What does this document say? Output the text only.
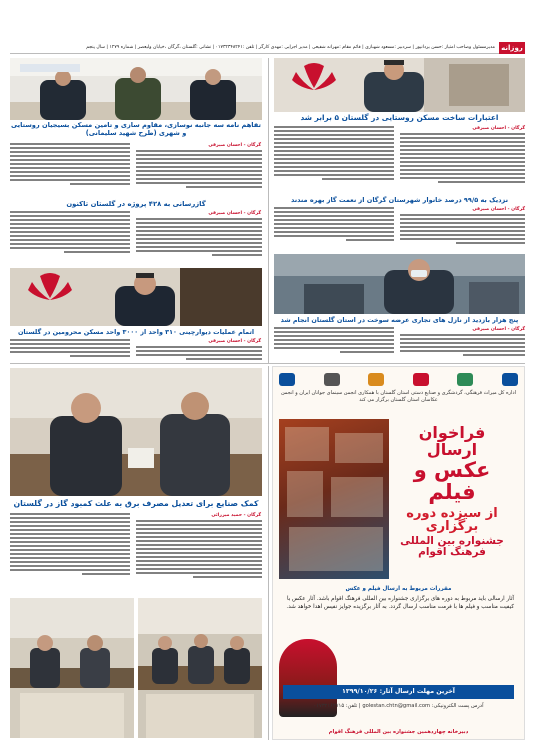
روزانه
مدیرمسئول وصاحب امتیاز :حسن یزدانپور | سردبیر :مسعود شهبازی | قائم مقام :مهرانه شفیعی | مدیر اجرایی :مهدی کارگر | تلفن :۰۱۷۳۲۳۴۸۲۴۱ | نشانی :گلستان ،گرگان ،خیابان ولیعصر | شماره ۱۲۷۹ | سال پنجم
اعتبارات ساخت مسکن روستایی در گلستان ۵ برابر شد
گرگان - احسان صیرفی
نزدیک به ۹۹/۵ درصد خانوار شهرستان گرگان از نعمت گاز بهره مندند
گرگان - احسان صیرفی
پنج هزار بازدید از نازل های تجاری عرضه سوخت در استان گلستان انجام شد
گرگان - احسان صیرفی
تفاهم نامه سه جانبه نوسازی، مقاوم سازی و تامین مسکن بسیجیان روستایی و شهری (طرح شهید سلیمانی)
گرگان - احسان صیرفی
گازرسانی به ۴۲۸ پروژه در گلستان تاکنون
گرگان - احسان صیرفی
اتمام عملیات دیوارچینی ۳۱۰ واحد از ۳۰۰۰ واحد مسکن محرومین در گلستان
گرگان - احسان صیرفی
کمک صنایع برای تعدیل مصرف برق به علت کمبود گاز در گلستان
گرگان - حمید میرزائی
اداره کل میراث فرهنگی، گردشگری و صنایع دستی استان گلستان با همکاری انجمن سینمای جوانان ایران و انجمن عکاسان استان گلستان برگزار می کند
فراخوان ارسال
عکس و
فیلم
از سیزده دوره برگزاری
جشنواره بین المللی فرهنگ اقوام
مقررات مربوط به ارسال فیلم و عکس
آثار ارسالی باید مربوط به دوره های برگزاری جشنواره بین المللی فرهنگ اقوام باشد. آثار عکس با کیفیت مناسب و فیلم ها با فرمت مناسب ارسال گردد. به آثار برگزیده جوایز نفیس اهدا خواهد شد.
آخرین مهلت ارسال آثار: ۱۳۹۹/۱۰/۲۶
آدرس پست الکترونیکی: golestan.chtn@gmail.com | تلفن: ۰۱۷۳۲۱۶۲۷۱۵
دبیرخانه چهاردهمین جشنواره بین المللی فرهنگ اقوام
